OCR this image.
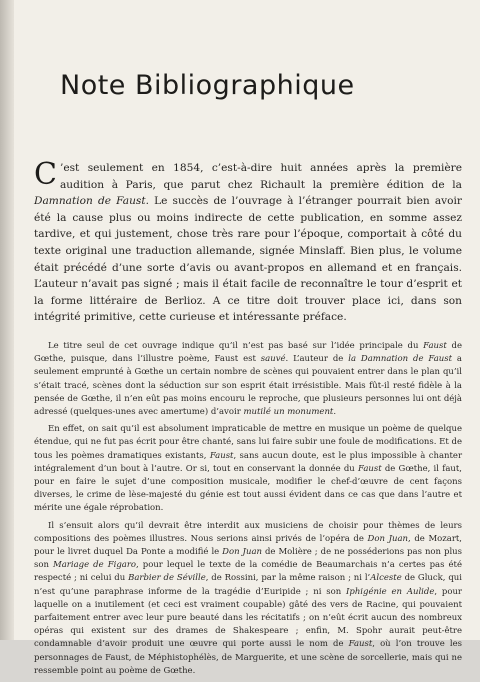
Note Bibliographique

C ’est seulement en 1854, c’est-à-dire huit années après la première audition à Paris, que parut chez Richault la première édition de la Damnation de Faust. Le succès de l’ouvrage à l’étranger pourrait bien avoir été la cause plus ou moins indirecte de cette publication, en somme assez tardive, et qui justement, chose très rare pour l’époque, comportait à côté du texte original une traduction allemande, signée Minslaff. Bien plus, le volume était précédé d’une sorte d’avis ou avant-propos en allemand et en français. L’auteur n’avait pas signé ; mais il était facile de reconnaître le tour d’esprit et la forme littéraire de Berlioz. A ce titre doit trouver place ici, dans son intégrité primitive, cette curieuse et intéressante préface.

Le titre seul de cet ouvrage indique qu’il n’est pas basé sur l’idée principale du Faust de Gœthe, puisque, dans l’illustre poème, Faust est sauvé. L’auteur de la Damnation de Faust a seulement emprunté à Gœthe un certain nombre de scènes qui pouvaient entrer dans le plan qu’il s’était tracé, scènes dont la séduction sur son esprit était irrésistible. Mais fût-il resté fidèle à la pensée de Gœthe, il n’en eût pas moins encouru le reproche, que plusieurs personnes lui ont déjà adressé (quelques-unes avec amertume) d’avoir mutilé un monument.

En effet, on sait qu’il est absolument impraticable de mettre en musique un poème de quelque étendue, qui ne fut pas écrit pour être chanté, sans lui faire subir une foule de modifications. Et de tous les poèmes dramatiques existants, Faust, sans aucun doute, est le plus impossible à chanter intégralement d’un bout à l’autre. Or si, tout en conservant la donnée du Faust de Gœthe, il faut, pour en faire le sujet d’une composition musicale, modifier le chef-d’œuvre de cent façons diverses, le crime de lèse-majesté du génie est tout aussi évident dans ce cas que dans l’autre et mérite une égale réprobation.

Il s’ensuit alors qu’il devrait être interdit aux musiciens de choisir pour thèmes de leurs compositions des poèmes illustres. Nous serions ainsi privés de l’opéra de Don Juan, de Mozart, pour le livret duquel Da Ponte a modifié le Don Juan de Molière ; de ne posséderions pas non plus son Mariage de Figaro, pour lequel le texte de la comédie de Beaumarchais n’a certes pas été respecté ; ni celui du Barbier de Séville, de Rossini, par la même raison ; ni l’Alceste de Gluck, qui n’est qu’une paraphrase informe de la tragédie d’Euripide ; ni son Iphigénie en Aulide, pour laquelle on a inutilement (et ceci est vraiment coupable) gâté des vers de Racine, qui pouvaient parfaitement entrer avec leur pure beauté dans les récitatifs ; on n’eût écrit aucun des nombreux opéras qui existent sur des drames de Shakespeare ; enfin, M. Spohr aurait peut-être condamnable d’avoir produit une œuvre qui porte aussi le nom de Faust, où l’on trouve les personnages de Faust, de Méphistophélès, de Marguerite, et une scène de sorcellerie, mais qui ne ressemble point au poème de Gœthe.
